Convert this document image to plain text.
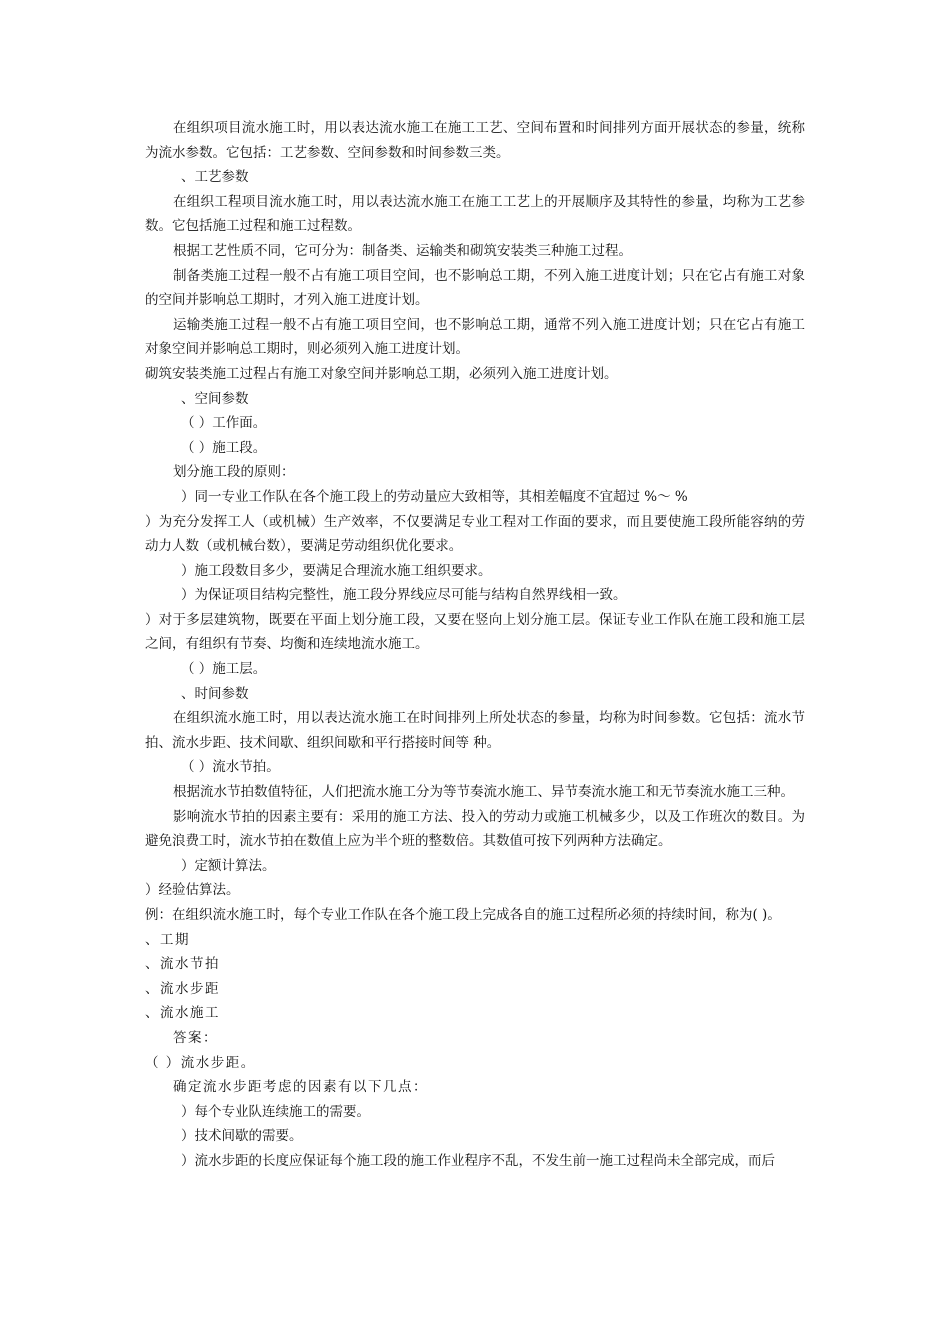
在组织项目流水施工时，用以表达流水施工在施工工艺、空间布置和时间排列方面开展状态的参量，统称为流水参数。它包括：工艺参数、空间参数和时间参数三类。

、工艺参数

在组织工程项目流水施工时，用以表达流水施工在施工工艺上的开展顺序及其特性的参量，均称为工艺参数。它包括施工过程和施工过程数。

根据工艺性质不同，它可分为：制备类、运输类和砌筑安装类三种施工过程。

制备类施工过程一般不占有施工项目空间，也不影响总工期，不列入施工进度计划；只在它占有施工对象的空间并影响总工期时，才列入施工进度计划。

运输类施工过程一般不占有施工项目空间，也不影响总工期，通常不列入施工进度计划；只在它占有施工对象空间并影响总工期时，则必须列入施工进度计划。

砌筑安装类施工过程占有施工对象空间并影响总工期，必须列入施工进度计划。

、空间参数

（ ）工作面。

（ ）施工段。

划分施工段的原则：

）同一专业工作队在各个施工段上的劳动量应大致相等，其相差幅度不宜超过 %～ %

）为充分发挥工人（或机械）生产效率，不仅要满足专业工程对工作面的要求，而且要使施工段所能容纳的劳动力人数（或机械台数），要满足劳动组织优化要求。

）施工段数目多少，要满足合理流水施工组织要求。

）为保证项目结构完整性，施工段分界线应尽可能与结构自然界线相一致。

）对于多层建筑物，既要在平面上划分施工段，又要在竖向上划分施工层。保证专业工作队在施工段和施工层之间，有组织有节奏、均衡和连续地流水施工。

（ ）施工层。

、时间参数

在组织流水施工时，用以表达流水施工在时间排列上所处状态的参量，均称为时间参数。它包括：流水节拍、流水步距、技术间歇、组织间歇和平行搭接时间等 种。

（ ）流水节拍。

根据流水节拍数值特征，人们把流水施工分为等节奏流水施工、异节奏流水施工和无节奏流水施工三种。

影响流水节拍的因素主要有：采用的施工方法、投入的劳动力或施工机械多少，以及工作班次的数目。为避免浪费工时，流水节拍在数值上应为半个班的整数倍。其数值可按下列两种方法确定。

）定额计算法。

）经验估算法。

例：在组织流水施工时，每个专业工作队在各个施工段上完成各自的施工过程所必须的持续时间，称为( )。

、工期

、流水节拍

、流水步距

、流水施工

答案：

（ ）流水步距。

确定流水步距考虑的因素有以下几点：

）每个专业队连续施工的需要。

）技术间歇的需要。

）流水步距的长度应保证每个施工段的施工作业程序不乱，不发生前一施工过程尚未全部完成，而后
